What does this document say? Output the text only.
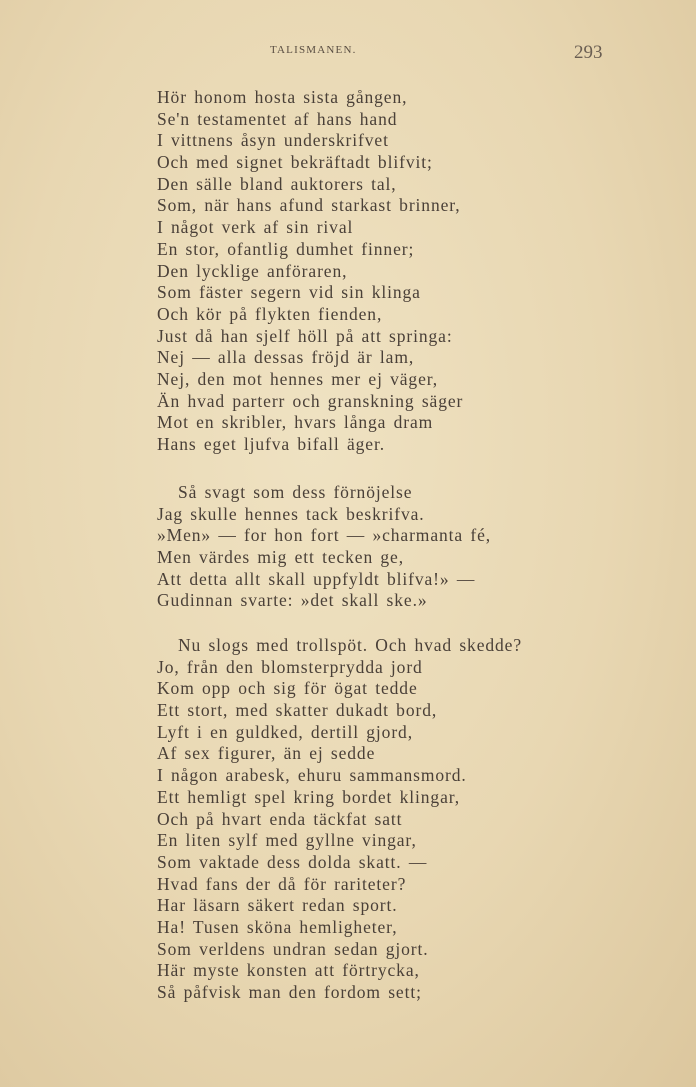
TALISMANEN.	293
Hör honom hosta sista gången,
Se'n testamentet af hans hand
I vittnens åsyn underskrifvet
Och med signet bekräftadt blifvit;
Den sälle bland auktorers tal,
Som, när hans afund starkast brinner,
I något verk af sin rival
En stor, ofantlig dumhet finner;
Den lycklige anföraren,
Som fäster segern vid sin klinga
Och kör på flykten fienden,
Just då han sjelf höll på att springa:
Nej — alla dessas fröjd är lam,
Nej, den mot hennes mer ej väger,
Än hvad parterr och granskning säger
Mot en skribler, hvars långa dram
Hans eget ljufva bifall äger.
Så svagt som dess förnöjelse
Jag skulle hennes tack beskrifva.
»Men» — for hon fort — »charmanta fé,
Men värdes mig ett tecken ge,
Att detta allt skall uppfyldt blifva!» —
Gudinnan svarte: »det skall ske.»
Nu slogs med trollspöt. Och hvad skedde?
Jo, från den blomsterprydda jord
Kom opp och sig för ögat tedde
Ett stort, med skatter dukadt bord,
Lyft i en guldked, dertill gjord,
Af sex figurer, än ej sedde
I någon arabesk, ehuru sammansmord.
Ett hemligt spel kring bordet klingar,
Och på hvart enda täckfat satt
En liten sylf med gyllne vingar,
Som vaktade dess dolda skatt. —
Hvad fans der då för rariteter?
Har läsarn säkert redan sport.
Ha! Tusen sköna hemligheter,
Som verldens undran sedan gjort.
Här myste konsten att förtrycka,
Så påfvisk man den fordom sett;
